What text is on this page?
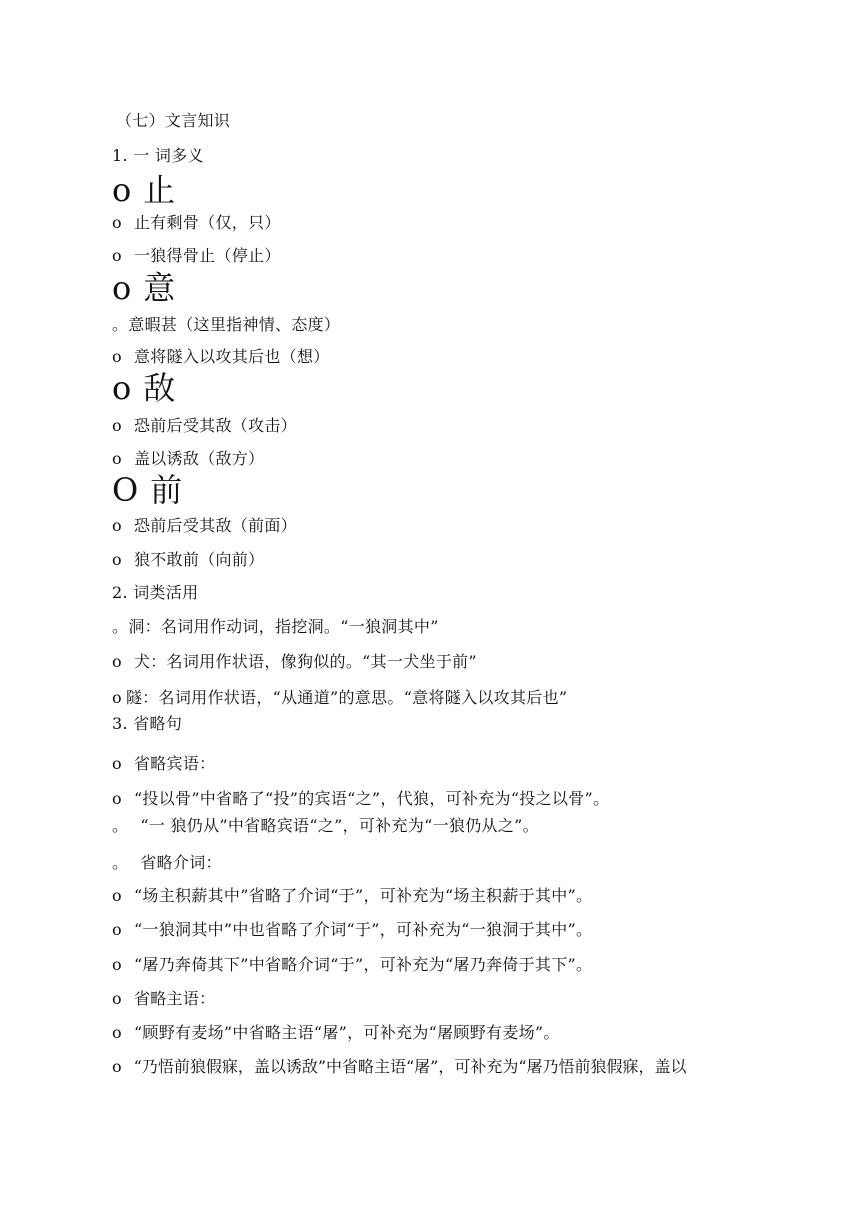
（七）文言知识
1. 一 词多义
o 止
o 止有剩骨（仅，只）
o 一狼得骨止（停止）
o 意
。意暇甚（这里指神情、态度）
o 意将隧入以攻其后也（想）
o 敌
o 恐前后受其敌（攻击）
o 盖以诱敌（敌方）
O 前
o 恐前后受其敌（前面）
o 狼不敢前（向前）
2. 词类活用
。洞：名词用作动词，指挖洞。“一狼洞其中”
o 犬：名词用作状语，像狗似的。“其一犬坐于前”
o 隧：名词用作状语，“从通道”的意思。“意将隧入以攻其后也”
3. 省略句
o 省略宾语：
o “投以骨”中省略了“投”的宾语“之”，代狼，可补充为“投之以骨”。
。 “一 狼仍从”中省略宾语“之”，可补充为“一狼仍从之”。
。 省略介词：
o “场主积薪其中”省略了介词“于”，可补充为“场主积薪于其中”。
o “一狼洞其中”中也省略了介词“于”，可补充为“一狼洞于其中”。
o “屠乃奔倚其下”中省略介词“于”，可补充为“屠乃奔倚于其下”。
o 省略主语：
o “顾野有麦场”中省略主语“屠”，可补充为“屠顾野有麦场”。
o “乃悟前狼假寐，盖以诱敌”中省略主语“屠”，可补充为“屠乃悟前狼假寐，盖以
